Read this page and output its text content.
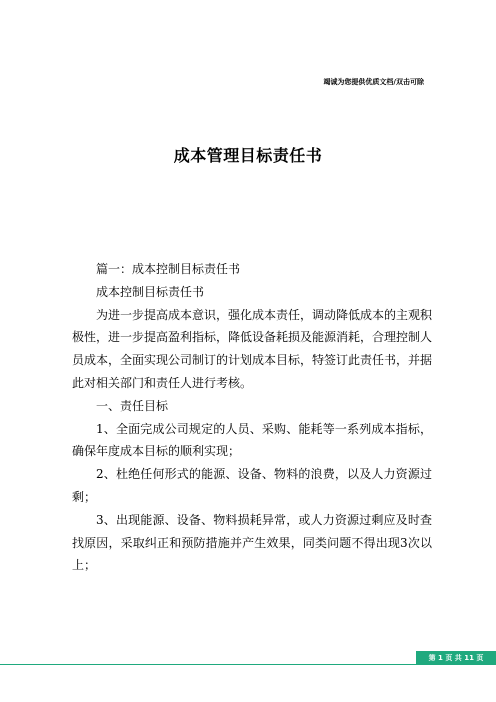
竭诚为您提供优质文档/双击可除
成本管理目标责任书

篇一：成本控制目标责任书

成本控制目标责任书

为进一步提高成本意识，强化成本责任，调动降低成本的主观积极性，进一步提高盈利指标，降低设备耗损及能源消耗，合理控制人员成本，全面实现公司制订的计划成本目标，特签订此责任书，并据此对相关部门和责任人进行考核。

一、责任目标

1、全面完成公司规定的人员、采购、能耗等一系列成本指标，确保年度成本目标的顺利实现；

2、杜绝任何形式的能源、设备、物料的浪费，以及人力资源过剩；

3、出现能源、设备、物料损耗异常，或人力资源过剩应及时查找原因，采取纠正和预防措施并产生效果，同类问题不得出现3次以上；

第 1 页 共 11 页
